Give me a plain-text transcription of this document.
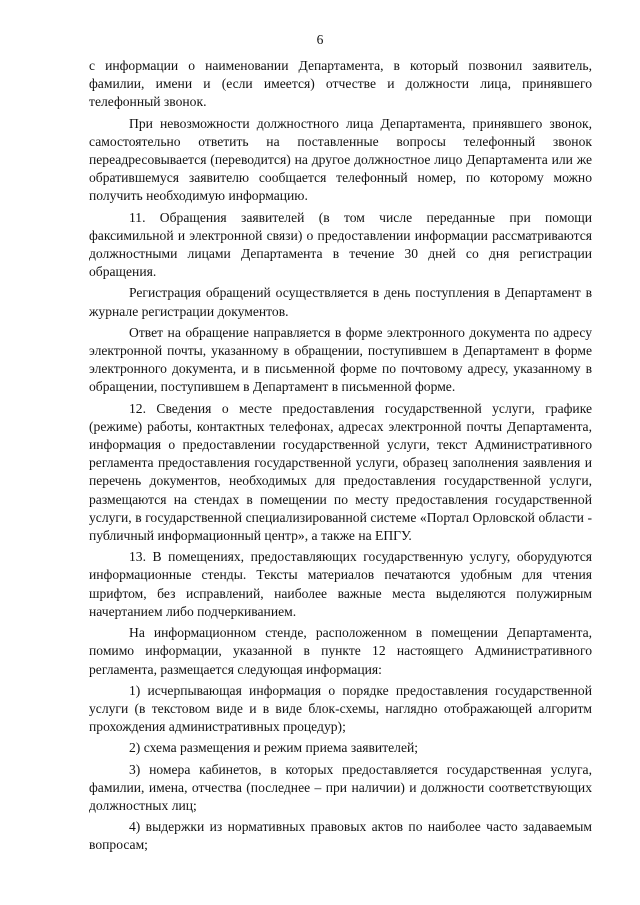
6

с информации о наименовании Департамента, в который позвонил заявитель, фамилии, имени и (если имеется) отчестве и должности лица, принявшего телефонный звонок.

При невозможности должностного лица Департамента, принявшего звонок, самостоятельно ответить на поставленные вопросы телефонный звонок переадресовывается (переводится) на другое должностное лицо Департамента или же обратившемуся заявителю сообщается телефонный номер, по которому можно получить необходимую информацию.

11. Обращения заявителей (в том числе переданные при помощи факсимильной и электронной связи) о предоставлении информации рассматриваются должностными лицами Департамента в течение 30 дней со дня регистрации обращения.

Регистрация обращений осуществляется в день поступления в Департамент в журнале регистрации документов.

Ответ на обращение направляется в форме электронного документа по адресу электронной почты, указанному в обращении, поступившем в Департамент в форме электронного документа, и в письменной форме по почтовому адресу, указанному в обращении, поступившем в Департамент в письменной форме.

12. Сведения о месте предоставления государственной услуги, графике (режиме) работы, контактных телефонах, адресах электронной почты Департамента, информация о предоставлении государственной услуги, текст Административного регламента предоставления государственной услуги, образец заполнения заявления и перечень документов, необходимых для предоставления государственной услуги, размещаются на стендах в помещении по месту предоставления государственной услуги, в государственной специализированной системе «Портал Орловской области - публичный информационный центр», а также на ЕПГУ.

13. В помещениях, предоставляющих государственную услугу, оборудуются информационные стенды. Тексты материалов печатаются удобным для чтения шрифтом, без исправлений, наиболее важные места выделяются полужирным начертанием либо подчеркиванием.

На информационном стенде, расположенном в помещении Департамента, помимо информации, указанной в пункте 12 настоящего Административного регламента, размещается следующая информация:

1) исчерпывающая информация о порядке предоставления государственной услуги (в текстовом виде и в виде блок-схемы, наглядно отображающей алгоритм прохождения административных процедур);

2) схема размещения и режим приема заявителей;

3) номера кабинетов, в которых предоставляется государственная услуга, фамилии, имена, отчества (последнее – при наличии) и должности соответствующих должностных лиц;

4) выдержки из нормативных правовых актов по наиболее часто задаваемым вопросам;
